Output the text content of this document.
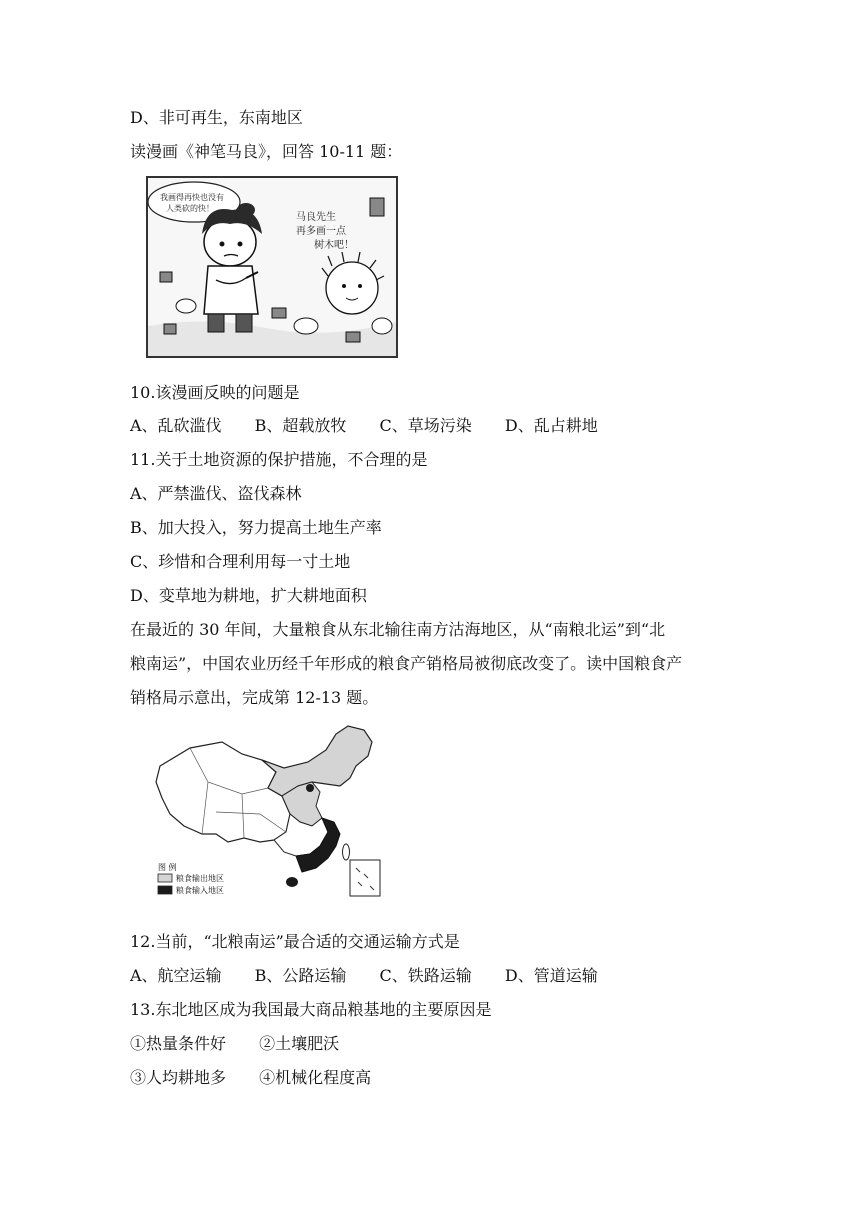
D、非可再生，东南地区
读漫画《神笔马良》，回答 10-11 题：
我画得再快也没有
人类砍的快！
马良先生
再多画一点
树木吧！
10.该漫画反映的问题是
A、乱砍滥伐 B、超载放牧 C、草场污染 D、乱占耕地
11.关于土地资源的保护措施，不合理的是
A、严禁滥伐、盗伐森林
B、加大投入，努力提高土地生产率
C、珍惜和合理利用每一寸土地
D、变草地为耕地，扩大耕地面积
在最近的 30 年间，大量粮食从东北输往南方沽海地区，从“南粮北运”到“北
粮南运”，中国农业历经千年形成的粮食产销格局被彻底改变了。读中国粮食产
销格局示意出，完成第 12-13 题。
图 例
粮食输出地区
粮食输入地区
12.当前，“北粮南运”最合适的交通运输方式是
A、航空运输 B、公路运输 C、铁路运输 D、管道运输
13.东北地区成为我国最大商品粮基地的主要原因是
①热量条件好 ②土壤肥沃
③人均耕地多 ④机械化程度高
